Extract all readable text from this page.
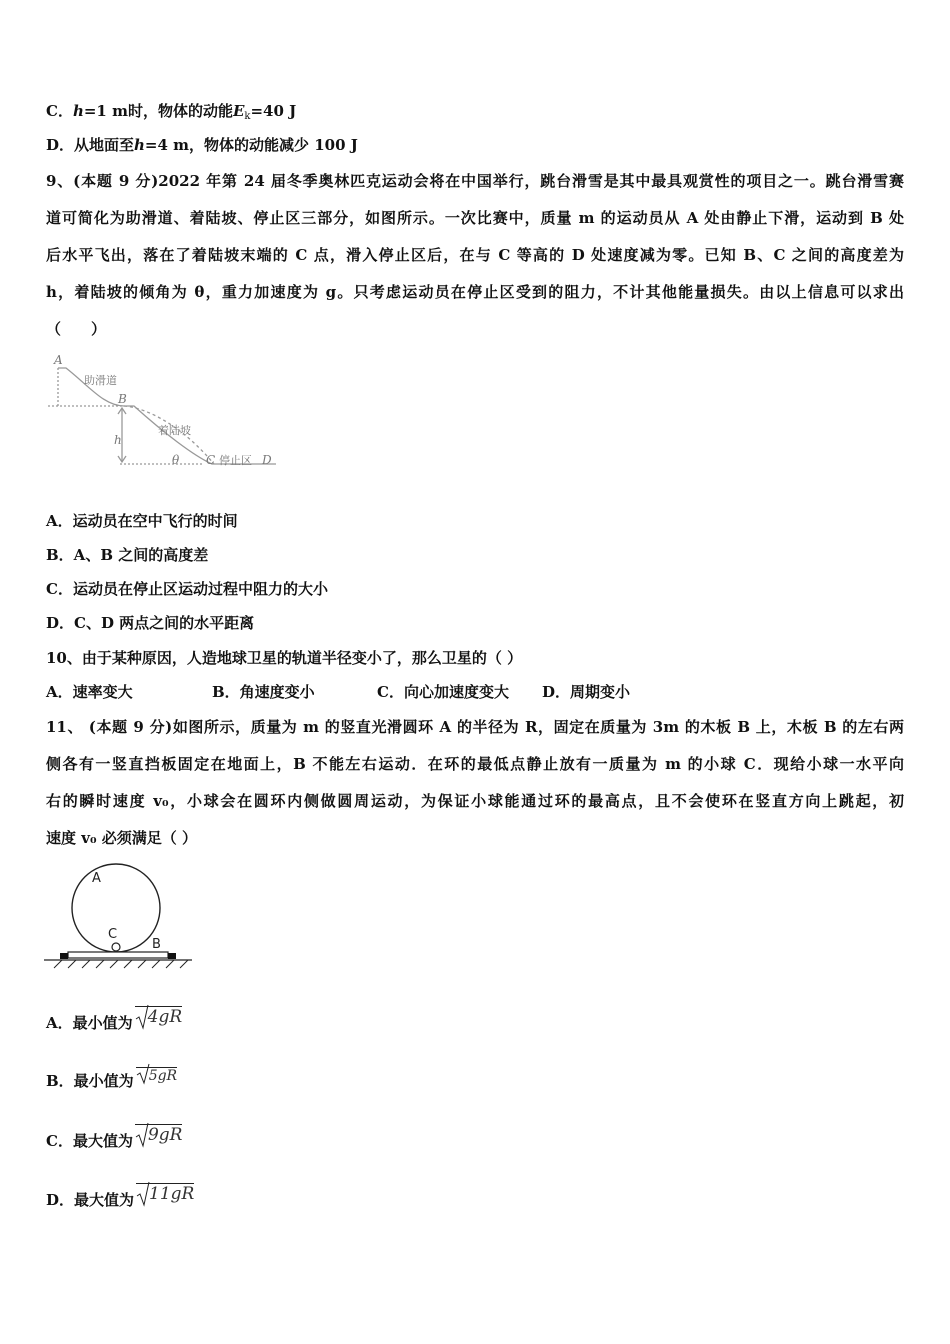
C．h=1 m时，物体的动能$E_k=40$ J
D．从地面至h=4 m，物体的动能减少 100 J
9、(本题 9 分)2022 年第 24 届冬季奥林匹克运动会将在中国举行，跳台滑雪是其中最具观赏性的项目之一。跳台滑雪赛
道可简化为助滑道、着陆坡、停止区三部分，如图所示。一次比赛中，质量 m 的运动员从 A 处由静止下滑，运动到 B 处
后水平飞出，落在了着陆坡末端的 C 点，滑入停止区后，在与 C 等高的 D 处速度减为零。已知 B、C 之间的高度差为
h，着陆坡的倾角为 θ，重力加速度为 g。只考虑运动员在停止区受到的阻力，不计其他能量损失。由以上信息可以求出
（　　）
A
助滑道
B
着陆坡
h
θ C 停止区 D
A．运动员在空中飞行的时间
B．A、B 之间的高度差
C．运动员在停止区运动过程中阻力的大小
D．C、D 两点之间的水平距离
10、由于某种原因，人造地球卫星的轨道半径变小了，那么卫星的（ ）
A．速率变大	B．角速度变小	C．向心加速度变大 D．周期变小
11、 (本题 9 分)如图所示，质量为 m 的竖直光滑圆环 A 的半径为 R，固定在质量为 3m 的木板 B 上，木板 B 的左右两
侧各有一竖直挡板固定在地面上，B 不能左右运动．在环的最低点静止放有一质量为 m 的小球 C．现给小球一水平向
右的瞬时速度 v₀，小球会在圆环内侧做圆周运动，为保证小球能通过环的最高点，且不会使环在竖直方向上跳起，初
速度 v₀ 必须满足（ ）
A
C
B
A．最小值为 4gR
B．最小值为 5gR
C．最大值为 9gR
D．最大值为 11gR
